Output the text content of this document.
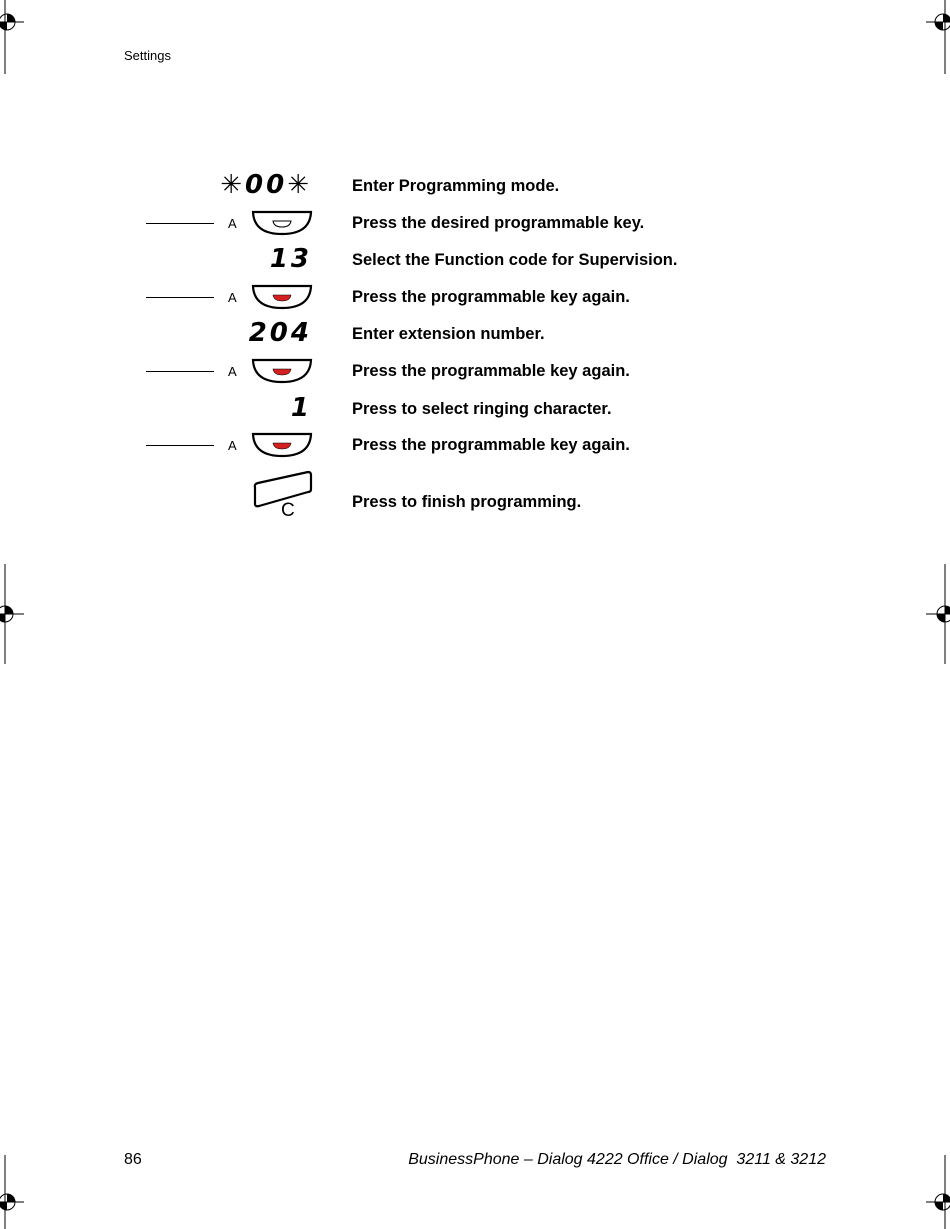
Settings
✳00✳ Enter Programming mode.
A	Press the desired programmable key.
13 Select the Function code for Supervision.
A	Press the programmable key again.
204 Enter extension number.
A	Press the programmable key again.
1 Press to select ringing character.
A	Press the programmable key again.
C	Press to finish programming.
86	BusinessPhone – Dialog 4222 Office / Dialog  3211 & 3212
